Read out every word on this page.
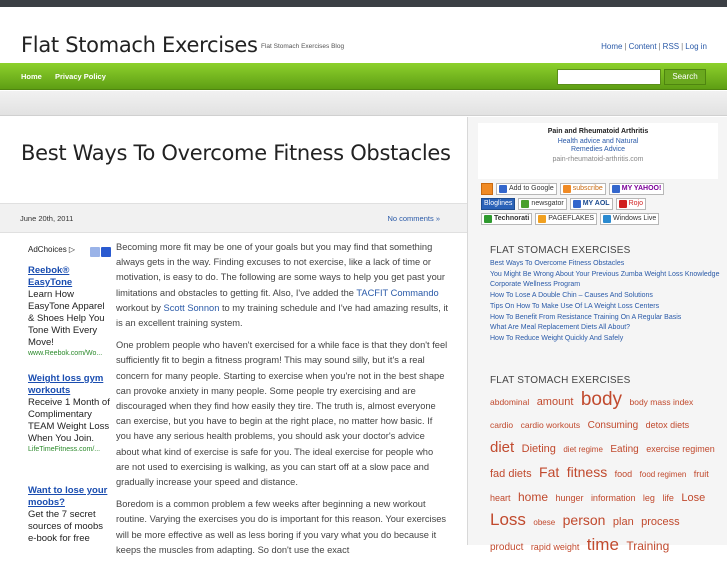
Flat Stomach Exercises Flat Stomach Exercises Blog	Home | Content | RSS | Log in
Home Privacy Policy	Search
Best Ways To Overcome Fitness Obstacles
June 20th, 2011	No comments »
AdChoices ▷
Reebok® EasyTone
Learn How EasyTone Apparel & Shoes Help You Tone With Every Move!
www.Reebok.com/Wo...
Weight loss gym workouts
Receive 1 Month of Complimentary TEAM Weight Loss When You Join.
LifeTimeFitness.com/...
Want to lose your moobs?
Get the 7 secret sources of moobs e-book for free

Becoming more fit may be one of your goals but you may find that something always gets in the way. Finding excuses to not exercise, like a lack of time or motivation, is easy to do. The following are some ways to help you get past your limitations and obstacles to getting fit. Also, I've added the TACFIT Commando workout by Scott Sonnon to my training schedule and I've had amazing results, it is an excellent training system.

One problem people who haven't exercised for a while face is that they don't feel sufficiently fit to begin a fitness program! This may sound silly, but it's a real concern for many people. Starting to exercise when you're not in the best shape can provoke anxiety in many people. Some people try exercising and are discouraged when they find how easily they tire. The truth is, almost everyone can exercise, but you have to begin at the right place, no matter how basic. If you have any serious health problems, you should ask your doctor's advice about what kind of exercise is safe for you. The ideal exercise for people who are not used to exercising is walking, as you can start off at a slow pace and gradually increase your speed and distance.

Boredom is a common problem a few weeks after beginning a new workout routine. Varying the exercises you do is important for this reason. Your exercises will be more effective as well as less boring if you vary what you do because it keeps the muscles from adapting. So don't use the exact

Pain and Rheumatoid Arthritis
Health advice and Natural
Remedies Advice
pain-rheumatoid-arthritis.com
Add to Google	subscribe	MY YAHOO!
Bloglines	newsgator	MY AOL	Rojo
Technorati	PAGEFLAKES	Windows Live
FLAT STOMACH EXERCISES
Best Ways To Overcome Fitness Obstacles
You Might Be Wrong About Your Previous Zumba Weight Loss Knowledge
Corporate Wellness Program
How To Lose A Double Chin – Causes And Solutions
Tips On How To Make Use Of LA Weight Loss Centers
How To Benefit From Resistance Training On A Regular Basis
What Are Meal Replacement Diets All About?
How To Reduce Weight Quickly And Safely
FLAT STOMACH EXERCISES
abdominal amount body body mass index cardio cardio workouts Consuming detox diets diet Dieting diet regime Eating exercise regimen fad diets Fat fitness food food regimen fruit heart home hunger information leg life Lose Loss obese person plan process product rapid weight time Training
